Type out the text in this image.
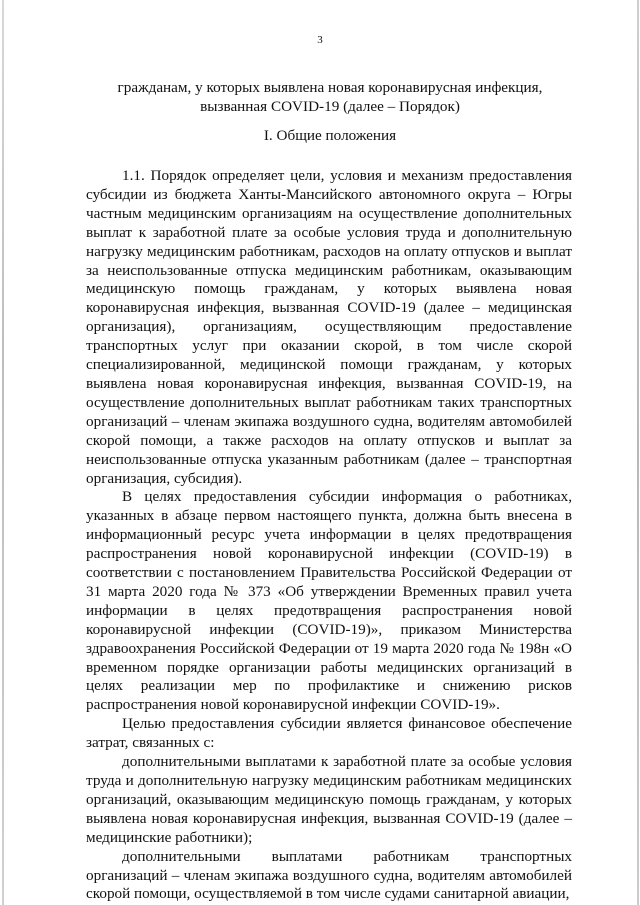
3
гражданам, у которых выявлена новая коронавирусная инфекция,
вызванная COVID-19 (далее – Порядок)
I. Общие положения

1.1. Порядок определяет цели, условия и механизм предоставления субсидии из бюджета Ханты-Мансийского автономного округа – Югры частным медицинским организациям на осуществление дополнительных выплат к заработной плате за особые условия труда и дополнительную нагрузку медицинским работникам, расходов на оплату отпусков и выплат за неиспользованные отпуска медицинским работникам, оказывающим медицинскую помощь гражданам, у которых выявлена новая коронавирусная инфекция, вызванная COVID-19 (далее – медицинская организация), организациям, осуществляющим предоставление транспортных услуг при оказании скорой, в том числе скорой специализированной, медицинской помощи гражданам, у которых выявлена новая коронавирусная инфекция, вызванная COVID-19, на осуществление дополнительных выплат работникам таких транспортных организаций – членам экипажа воздушного судна, водителям автомобилей скорой помощи, а также расходов на оплату отпусков и выплат за неиспользованные отпуска указанным работникам (далее – транспортная организация, субсидия).

В целях предоставления субсидии информация о работниках, указанных в абзаце первом настоящего пункта, должна быть внесена в информационный ресурс учета информации в целях предотвращения распространения новой коронавирусной инфекции (COVID-19) в соответствии с постановлением Правительства Российской Федерации от 31 марта 2020 года № 373 «Об утверждении Временных правил учета информации в целях предотвращения распространения новой коронавирусной инфекции (COVID-19)», приказом Министерства здравоохранения Российской Федерации от 19 марта 2020 года № 198н «О временном порядке организации работы медицинских организаций в целях реализации мер по профилактике и снижению рисков распространения новой коронавирусной инфекции COVID-19».

Целью предоставления субсидии является финансовое обеспечение затрат, связанных с:

дополнительными выплатами к заработной плате за особые условия труда и дополнительную нагрузку медицинским работникам медицинских организаций, оказывающим медицинскую помощь гражданам, у которых выявлена новая коронавирусная инфекция, вызванная COVID-19 (далее – медицинские работники);

дополнительными выплатами работникам транспортных организаций – членам экипажа воздушного судна, водителям автомобилей скорой помощи, осуществляемой в том числе судами санитарной авиации,
